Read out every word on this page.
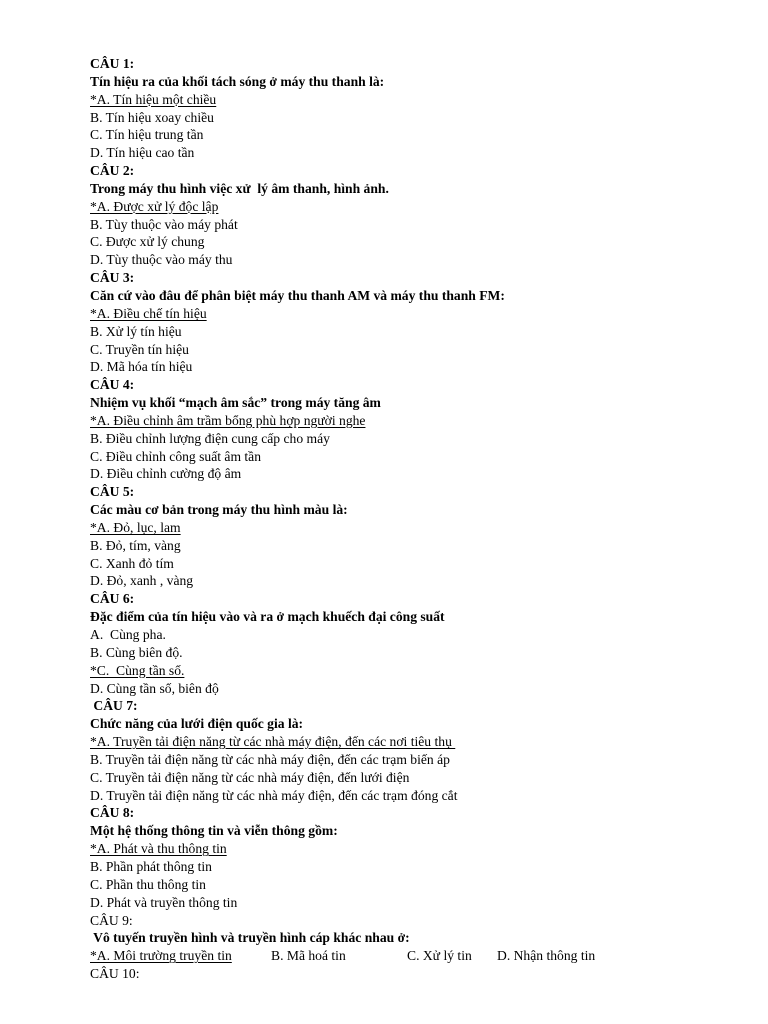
CÂU 1:
Tín hiệu ra của khối tách sóng ở máy thu thanh là:
*A. Tín hiệu một chiều
B. Tín hiệu xoay chiều
C. Tín hiệu trung tần
D. Tín hiệu cao tần
CÂU 2:
Trong máy thu hình việc xử  lý âm thanh, hình ảnh.
*A. Được xử lý độc lập
B. Tùy thuộc vào máy phát
C. Được xử lý chung
D. Tùy thuộc vào máy thu
CÂU 3:
Căn cứ vào đâu để phân biệt máy thu thanh AM và máy thu thanh FM:
*A. Điều chế tín hiệu
B. Xử lý tín hiệu
C. Truyền tín hiệu
D. Mã hóa tín hiệu
CÂU 4:
Nhiệm vụ khối “mạch âm sắc” trong máy tăng âm
*A. Điều chỉnh âm trầm bổng phù hợp người nghe
B. Điều chỉnh lượng điện cung cấp cho máy
C. Điều chỉnh công suất âm tần
D. Điều chỉnh cường độ âm
CÂU 5:
Các màu cơ bản trong máy thu hình màu là:
*A. Đỏ, lục, lam
B. Đỏ, tím, vàng
C. Xanh đỏ tím
D. Đỏ, xanh , vàng
CÂU 6:
Đặc điểm của tín hiệu vào và ra ở mạch khuếch đại công suất
A.  Cùng pha.
B. Cùng biên độ.
*C.  Cùng tần số.
D. Cùng tần số, biên độ
CÂU 7:
Chức năng của lưới điện quốc gia là:
*A. Truyền tải điện năng từ các nhà máy điện, đến các nơi tiêu thụ
B. Truyền tải điện năng từ các nhà máy điện, đến các trạm biến áp
C. Truyền tải điện năng từ các nhà máy điện, đến lưới điện
D. Truyền tải điện năng từ các nhà máy điện, đến các trạm đóng cắt
CÂU 8:
Một hệ thống thông tin và viễn thông gồm:
*A. Phát và thu thông tin
B. Phần phát thông tin
C. Phần thu thông tin
D. Phát và truyền thông tin
CÂU 9:
Vô tuyến truyền hình và truyền hình cáp khác nhau ở:
*A. Môi trường truyền tin	B. Mã hoá tin	C. Xử lý tin D. Nhận thông tin
CÂU 10:
